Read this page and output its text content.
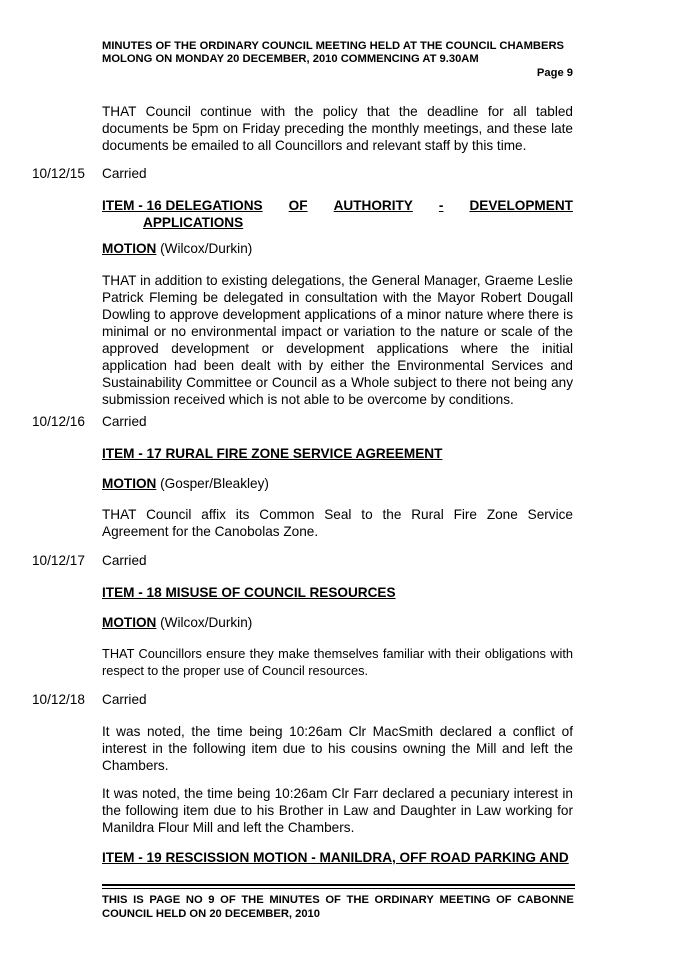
MINUTES OF THE ORDINARY COUNCIL MEETING HELD AT THE COUNCIL CHAMBERS
MOLONG ON MONDAY 20 DECEMBER, 2010 COMMENCING AT 9.30AM
Page 9
THAT Council continue with the policy that the deadline for all tabled documents be 5pm on Friday preceding the monthly meetings, and these late documents be emailed to all Councillors and relevant staff by this time.
10/12/15 Carried
ITEM - 16 DELEGATIONS OF AUTHORITY - DEVELOPMENT
APPLICATIONS
MOTION (Wilcox/Durkin)
THAT in addition to existing delegations, the General Manager, Graeme Leslie Patrick Fleming be delegated in consultation with the Mayor Robert Dougall Dowling to approve development applications of a minor nature where there is minimal or no environmental impact or variation to the nature or scale of the approved development or development applications where the initial application had been dealt with by either the Environmental Services and Sustainability Committee or Council as a Whole subject to there not being any submission received which is not able to be overcome by conditions.
10/12/16 Carried
ITEM - 17 RURAL FIRE ZONE SERVICE AGREEMENT
MOTION (Gosper/Bleakley)
THAT Council affix its Common Seal to the Rural Fire Zone Service Agreement for the Canobolas Zone.
10/12/17 Carried
ITEM - 18 MISUSE OF COUNCIL RESOURCES
MOTION (Wilcox/Durkin)
THAT Councillors ensure they make themselves familiar with their obligations with respect to the proper use of Council resources.
10/12/18 Carried
It was noted, the time being 10:26am Clr MacSmith declared a conflict of interest in the following item due to his cousins owning the Mill and left the Chambers.
It was noted, the time being 10:26am Clr Farr declared a pecuniary interest in the following item due to his Brother in Law and Daughter in Law working for Manildra Flour Mill and left the Chambers.
ITEM - 19 RESCISSION MOTION - MANILDRA, OFF ROAD PARKING AND
THIS IS PAGE NO 9 OF THE MINUTES OF THE ORDINARY MEETING OF CABONNE
COUNCIL HELD ON 20 DECEMBER, 2010
